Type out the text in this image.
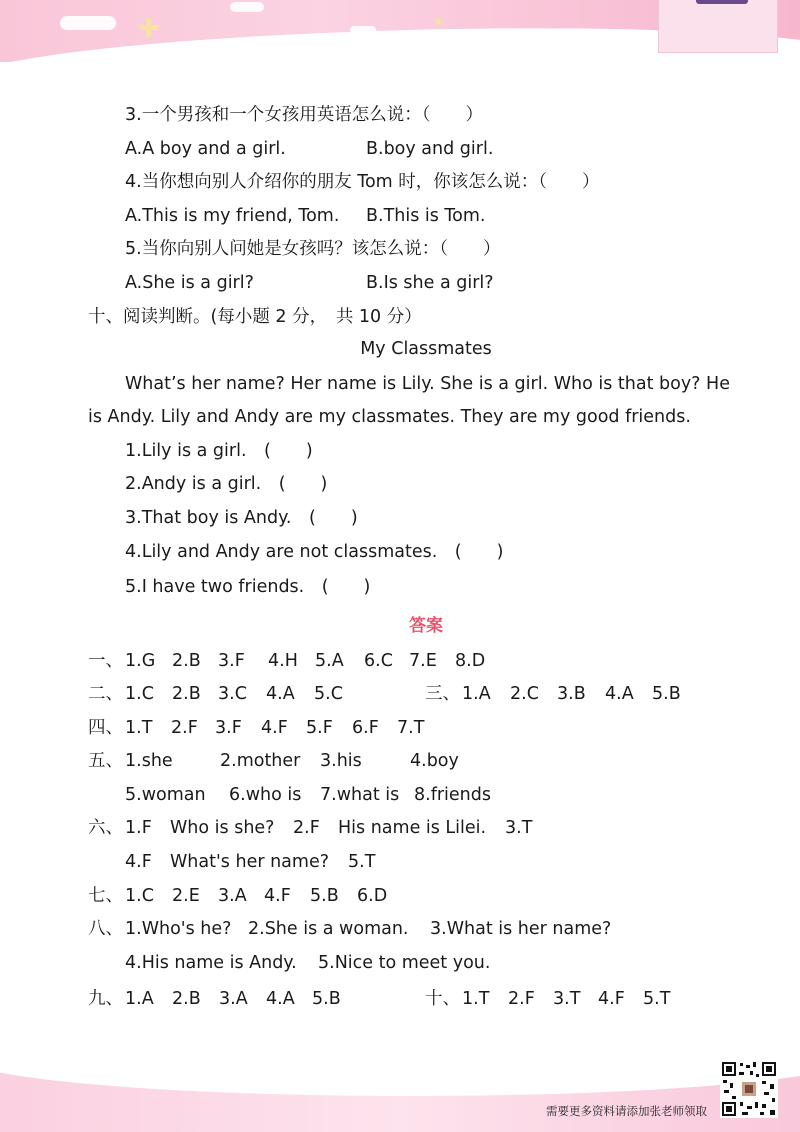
✚	✦
3.一个男孩和一个女孩用英语怎么说：（　　）
A.A boy and a girl.	B.boy and girl.
4.当你想向别人介绍你的朋友 Tom 时，你该怎么说：（　　）
A.This is my friend, Tom. B.This is Tom.
5.当你向别人问她是女孩吗？该怎么说：（　　）
A.She is a girl?	B.Is she a girl?
十、阅读判断。(每小题 2 分，　共 10 分）
My Classmates
What’s her name? Her name is Lily. She is a girl. Who is that boy? He
is Andy. Lily and Andy are my classmates. They are my good friends.
1.Lily is a girl.　(　　)
2.Andy is a girl.　(　　)
3.That boy is Andy.　(　　)
4.Lily and Andy are not classmates.　(　　)
5.I have two friends.　(　　)
答案
一、 1.G 2.B 3.F 4.H 5.A 6.C 7.E 8.D
二、 1.C 2.B 3.C 4.A 5.C	三、 1.A 2.C 3.B 4.A 5.B
四、 1.T 2.F 3.F 4.F 5.F 6.F 7.T
五、 1.she	2.mother 3.his	4.boy
5.woman 6.who is 7.what is 8.friends
六、 1.F Who is she? 2.F His name is Lilei. 3.T
4.F What's her name? 5.T
七、 1.C 2.E 3.A 4.F 5.B 6.D
八、 1.Who's he? 2.She is a woman. 3.What is her name?
4.His name is Andy. 5.Nice to meet you.
九、 1.A 2.B 3.A 4.A 5.B	十、 1.T 2.F 3.T 4.F 5.T
需要更多资料请添加张老师领取
